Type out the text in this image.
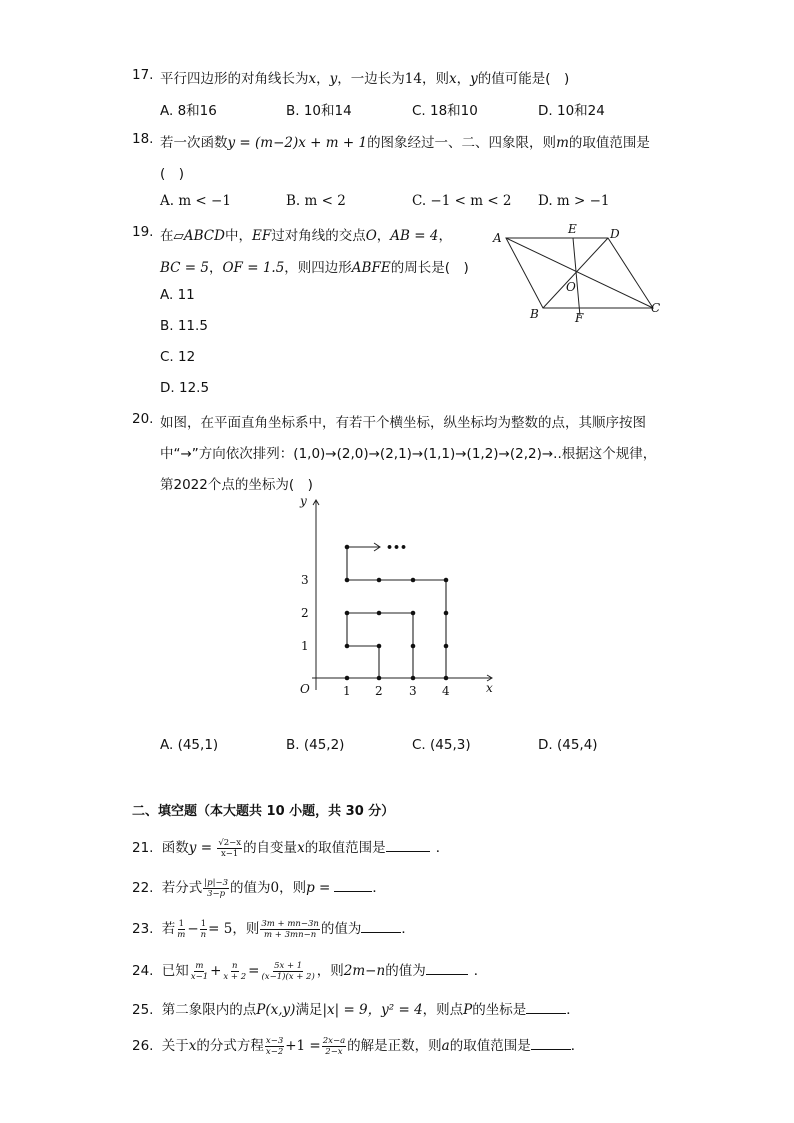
17. 平行四边形的对角线长为x，y，一边长为14，则x，y的值可能是(　)
A. 8和16	B. 10和14	C. 18和10	D. 10和24
18. 若一次函数y = (m−2)x + m + 1的图象经过一、二、四象限，则m的取值范围是
(　)
A. m < −1	B. m < 2	C. −1 < m < 2 D. m > −1
19. 在▱ABCD中，EF过对角线的交点O，AB = 4，
BC = 5，OF = 1.5，则四边形ABFE的周长是(　)
A. 11
B. 11.5
C. 12
D. 12.5
A	D
E
O
C
B	F
20. 如图，在平面直角坐标系中，有若干个横坐标，纵坐标均为整数的点，其顺序按图
中“→”方向依次排列：(1,0)→(2,0)→(2,1)→(1,1)→(1,2)→(2,2)→..根据这个规律，
第2022个点的坐标为(　)
•••
y
x
O	1 2 3 4
1
2
3
A. (45,1)	B. (45,2)	C. (45,3)	D. (45,4)
二、填空题（本大题共 10 小题，共 30 分）
21. 函数$y = \frac{√2-x}{x-1}$ 的自变量x的取值范围是	．
22. 若分式 $\frac{|p|-3}{3-p}$ 的值为0，则p =	．
23. 若 $\frac{1}{m} - \frac{1}{n} = 5$，则 $\frac{3m + mn-3n}{m + 3mn-n}$ 的值为	．
24. 已知 $\frac{m}{x-1} + \frac{n}{x + 2} = \frac{5x + 1}{(x-1)(x + 2)}$ ，则2m−n的值为	．
25. 第二象限内的点P(x,y)满足|x| = 9，y² = 4，则点P的坐标是	．
26. 关于x的分式方程 $\frac{x-3}{x-2} +1 = \frac{2x-a}{2-x}$ 的解是正数，则a的取值范围是	．
